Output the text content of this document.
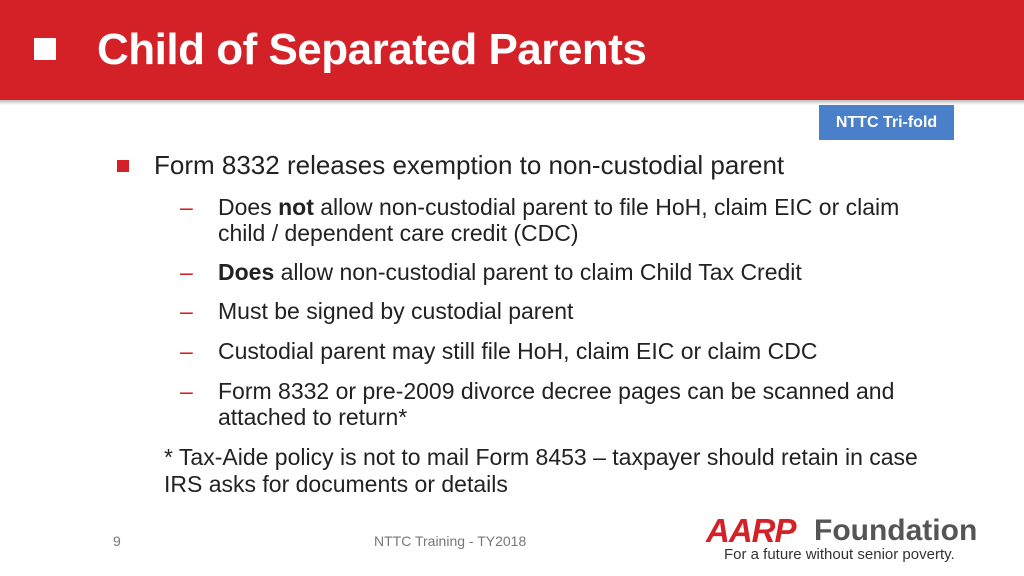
Child of Separated Parents
NTTC Tri-fold
Form 8332 releases exemption to non-custodial parent
– Does not allow non-custodial parent to file HoH, claim EIC or claim child / dependent care credit (CDC)
– Does allow non-custodial parent to claim Child Tax Credit
– Must be signed by custodial parent
– Custodial parent may still file HoH, claim EIC or claim CDC
– Form 8332 or pre-2009 divorce decree pages can be scanned and attached to return*
* Tax-Aide policy is not to mail Form 8453 – taxpayer should retain in case IRS asks for documents or details
9	NTTC Training - TY2018	AARP Foundation
For a future without senior poverty.
